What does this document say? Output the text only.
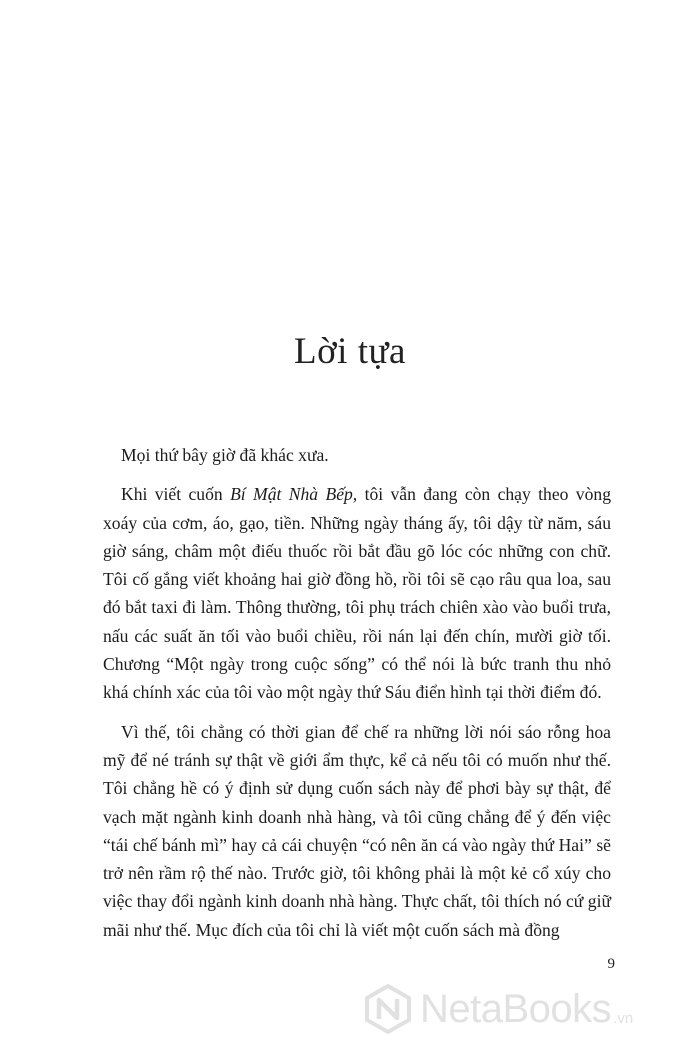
Lời tựa

Mọi thứ bây giờ đã khác xưa.

Khi viết cuốn Bí Mật Nhà Bếp, tôi vẫn đang còn chạy theo vòng xoáy của cơm, áo, gạo, tiền. Những ngày tháng ấy, tôi dậy từ năm, sáu giờ sáng, châm một điếu thuốc rồi bắt đầu gõ lóc cóc những con chữ. Tôi cố gắng viết khoảng hai giờ đồng hồ, rồi tôi sẽ cạo râu qua loa, sau đó bắt taxi đi làm. Thông thường, tôi phụ trách chiên xào vào buổi trưa, nấu các suất ăn tối vào buổi chiều, rồi nán lại đến chín, mười giờ tối. Chương “Một ngày trong cuộc sống” có thể nói là bức tranh thu nhỏ khá chính xác của tôi vào một ngày thứ Sáu điển hình tại thời điểm đó.

Vì thế, tôi chẳng có thời gian để chế ra những lời nói sáo rỗng hoa mỹ để né tránh sự thật về giới ẩm thực, kể cả nếu tôi có muốn như thế. Tôi chẳng hề có ý định sử dụng cuốn sách này để phơi bày sự thật, để vạch mặt ngành kinh doanh nhà hàng, và tôi cũng chẳng để ý đến việc “tái chế bánh mì” hay cả cái chuyện “có nên ăn cá vào ngày thứ Hai” sẽ trở nên rầm rộ thế nào. Trước giờ, tôi không phải là một kẻ cổ xúy cho việc thay đổi ngành kinh doanh nhà hàng. Thực chất, tôi thích nó cứ giữ mãi như thế. Mục đích của tôi chỉ là viết một cuốn sách mà đồng

9
NetaBooks .vn
